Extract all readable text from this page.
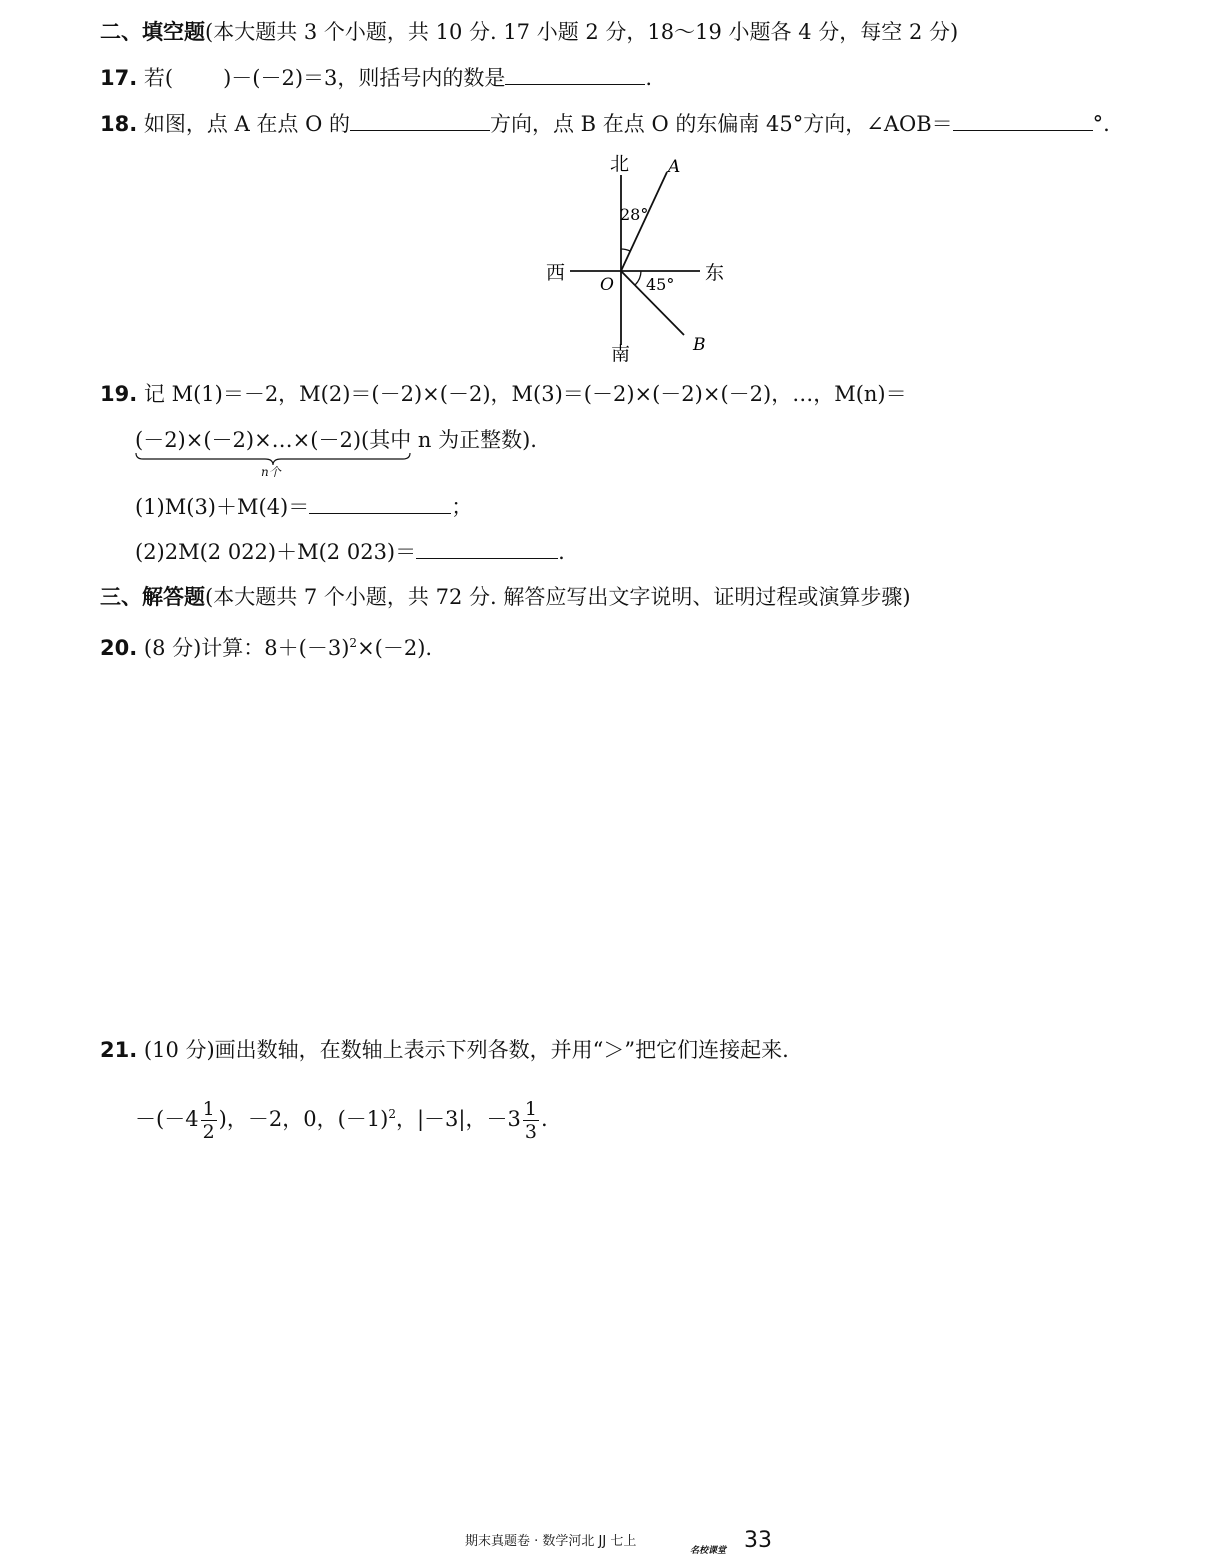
二、填空题(本大题共 3 个小题，共 10 分. 17 小题 2 分，18～19 小题各 4 分，每空 2 分)
17. 若( )－(－2)＝3，则括号内的数是	.
18. 如图，点 A 在点 O 的	方向，点 B 在点 O 的东偏南 45°方向，∠AOB＝	°.
北
南
西	东
A
B
O
28°
45°
19. 记 M(1)＝－2，M(2)＝(－2)×(－2)，M(3)＝(－2)×(－2)×(－2)，…，M(n)＝
(－2)×(－2)×…×(－2)(其中 n 为正整数).
n个
(1)M(3)＋M(4)＝	；
(2)2M(2 022)＋M(2 023)＝	.
三、解答题(本大题共 7 个小题，共 72 分. 解答应写出文字说明、证明过程或演算步骤)
20. (8 分)计算：$8+(-3)^2\times(-2)$.
21. (10 分)画出数轴，在数轴上表示下列各数，并用“＞”把它们连接起来.
$-(-4 \frac{1}{2}$ )，－2，0，$(-1)^2$，|－3|，$-3 \frac{1}{3}$ .
期末真题卷 · 数学河北 JJ 七上
名校课堂 33
